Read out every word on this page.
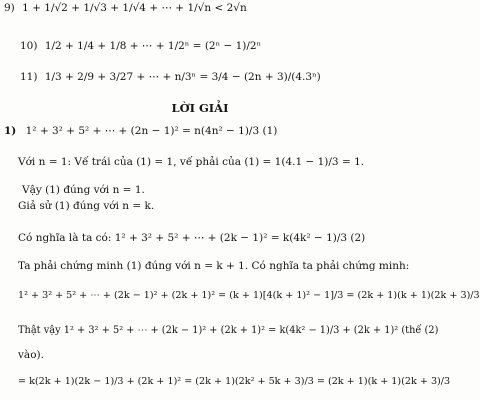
9) 1 + 1/√2 + 1/√3 + 1/√4 + ⋯ + 1/√n < 2√n
10) 1/2 + 1/4 + 1/8 + ⋯ + 1/2ⁿ = (2ⁿ − 1)/2ⁿ
11) 1/3 + 2/9 + 3/27 + ⋯ + n/3ⁿ = 3/4 − (2n + 3)/(4.3ⁿ)
LỜI GIẢI
1) 1² + 3² + 5² + ⋯ + (2n − 1)² = n(4n² − 1)/3 (1)
Với n = 1: Vế trái của (1) = 1, vế phải của (1) = 1(4.1 − 1)/3 = 1.
Vậy (1) đúng với n = 1.
Giả sử (1) đúng với n = k.
Có nghĩa là ta có: 1² + 3² + 5² + ⋯ + (2k − 1)² = k(4k² − 1)/3 (2)
Ta phải chứng minh (1) đúng với n = k + 1. Có nghĩa ta phải chứng minh:
1² + 3² + 5² + ⋯ + (2k − 1)² + (2k + 1)² = (k + 1)[4(k + 1)² − 1]/3 = (2k + 1)(k + 1)(2k + 3)/3
Thật vậy 1² + 3² + 5² + ⋯ + (2k − 1)² + (2k + 1)² = k(4k² − 1)/3 + (2k + 1)² (thế (2)
vào).
= k(2k + 1)(2k − 1)/3 + (2k + 1)² = (2k + 1)(2k² + 5k + 3)/3 = (2k + 1)(k + 1)(2k + 3)/3
